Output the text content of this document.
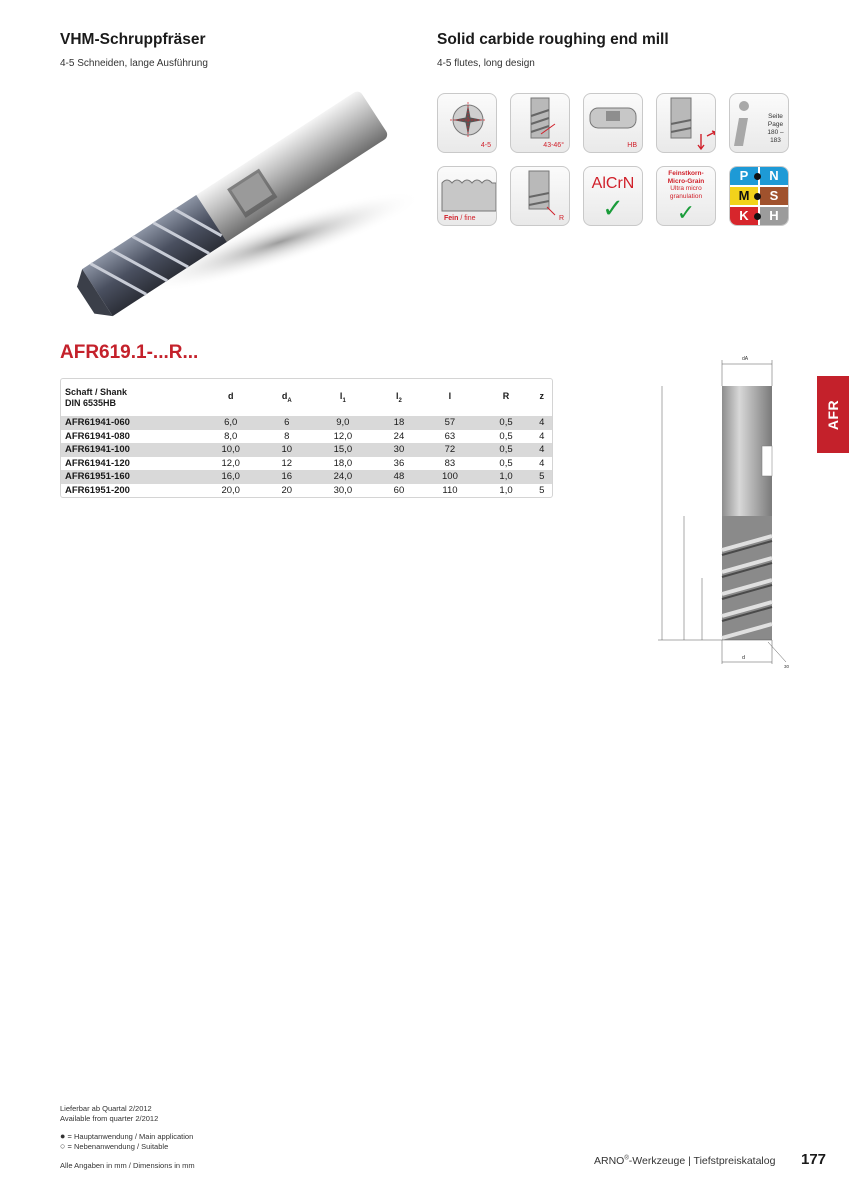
VHM-Schruppfräser
4-5 Schneiden, lange Ausführung
Solid carbide roughing end mill
4-5 flutes, long design
4-5	43-46°	HB
Seite Page
180 – 183
Fein / fine	R
AlCrN
✓
Feinstkorn-
Micro-Grain
Ultra micro
granulation
✓
P	N
M	S
K	H
AFR619.1-...R...
Schaft / Shank
DIN 6535HB	d	$d_A$	$l_1$	$l_2$	l	R	z
AFR61941-060	6,0	6	9,0	18	57	0,5	4
AFR61941-080	8,0	8	12,0	24	63	0,5	4
AFR61941-100	10,0	10	15,0	30	72	0,5	4
AFR61941-120	12,0	12	18,0	36	83	0,5	4
AFR61951-160	16,0	16	24,0	48	100	1,0	5
AFR61951-200	20,0	20	30,0	60	110	1,0	5
dA
d
30
AFR
Lieferbar ab Quartal 2/2012
Available from quarter 2/2012
● = Hauptanwendung / Main application
○ = Nebenanwendung / Suitable
Alle Angaben in mm / Dimensions in mm	ARNO®-Werkzeuge | Tiefstpreiskatalog 177
